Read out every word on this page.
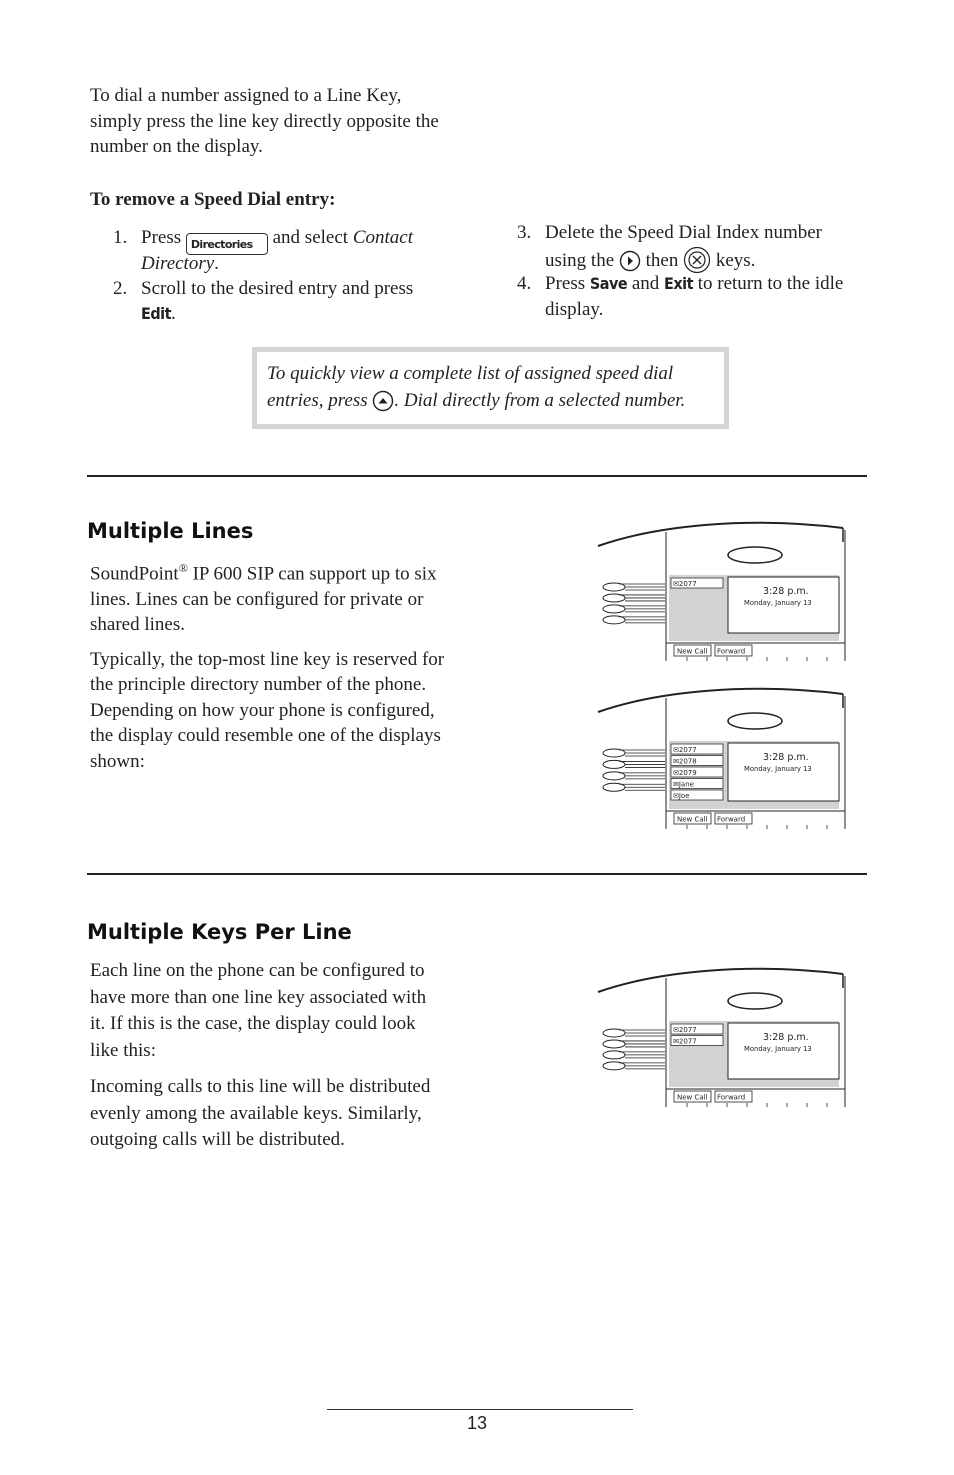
To dial a number assigned to a Line Key,

simply press the line key directly opposite the

number on the display.

To remove a Speed Dial entry:
1. Press Directories and select Contact
Directory.
2. Scroll to the desired entry and press
Edit.
3. Delete the Speed Dial Index number
using the then keys.
4. Press Save and Exit to return to the idle
display.
To quickly view a complete list of assigned speed dial
entries, press . Dial directly from a selected number.
Multiple Lines

SoundPoint® IP 600 SIP can support up to six

lines. Lines can be configured for private or

shared lines.

Typically, the top-most line key is reserved for

the principle directory number of the phone.

Depending on how your phone is configured,

the display could resemble one of the displays

shown:

3:28 p.m.
Monday, January 13
✉2077
New Call Forward
3:28 p.m.
Monday, January 13
✉2077
✉2078
✉2079
✉Jane
✉Joe
New Call Forward
Multiple Keys Per Line

Each line on the phone can be configured to

have more than one line key associated with

it. If this is the case, the display could look

like this:

Incoming calls to this line will be distributed

evenly among the available keys. Similarly,

outgoing calls will be distributed.

3:28 p.m.
Monday, January 13
✉2077
✉2077
New Call Forward
13
